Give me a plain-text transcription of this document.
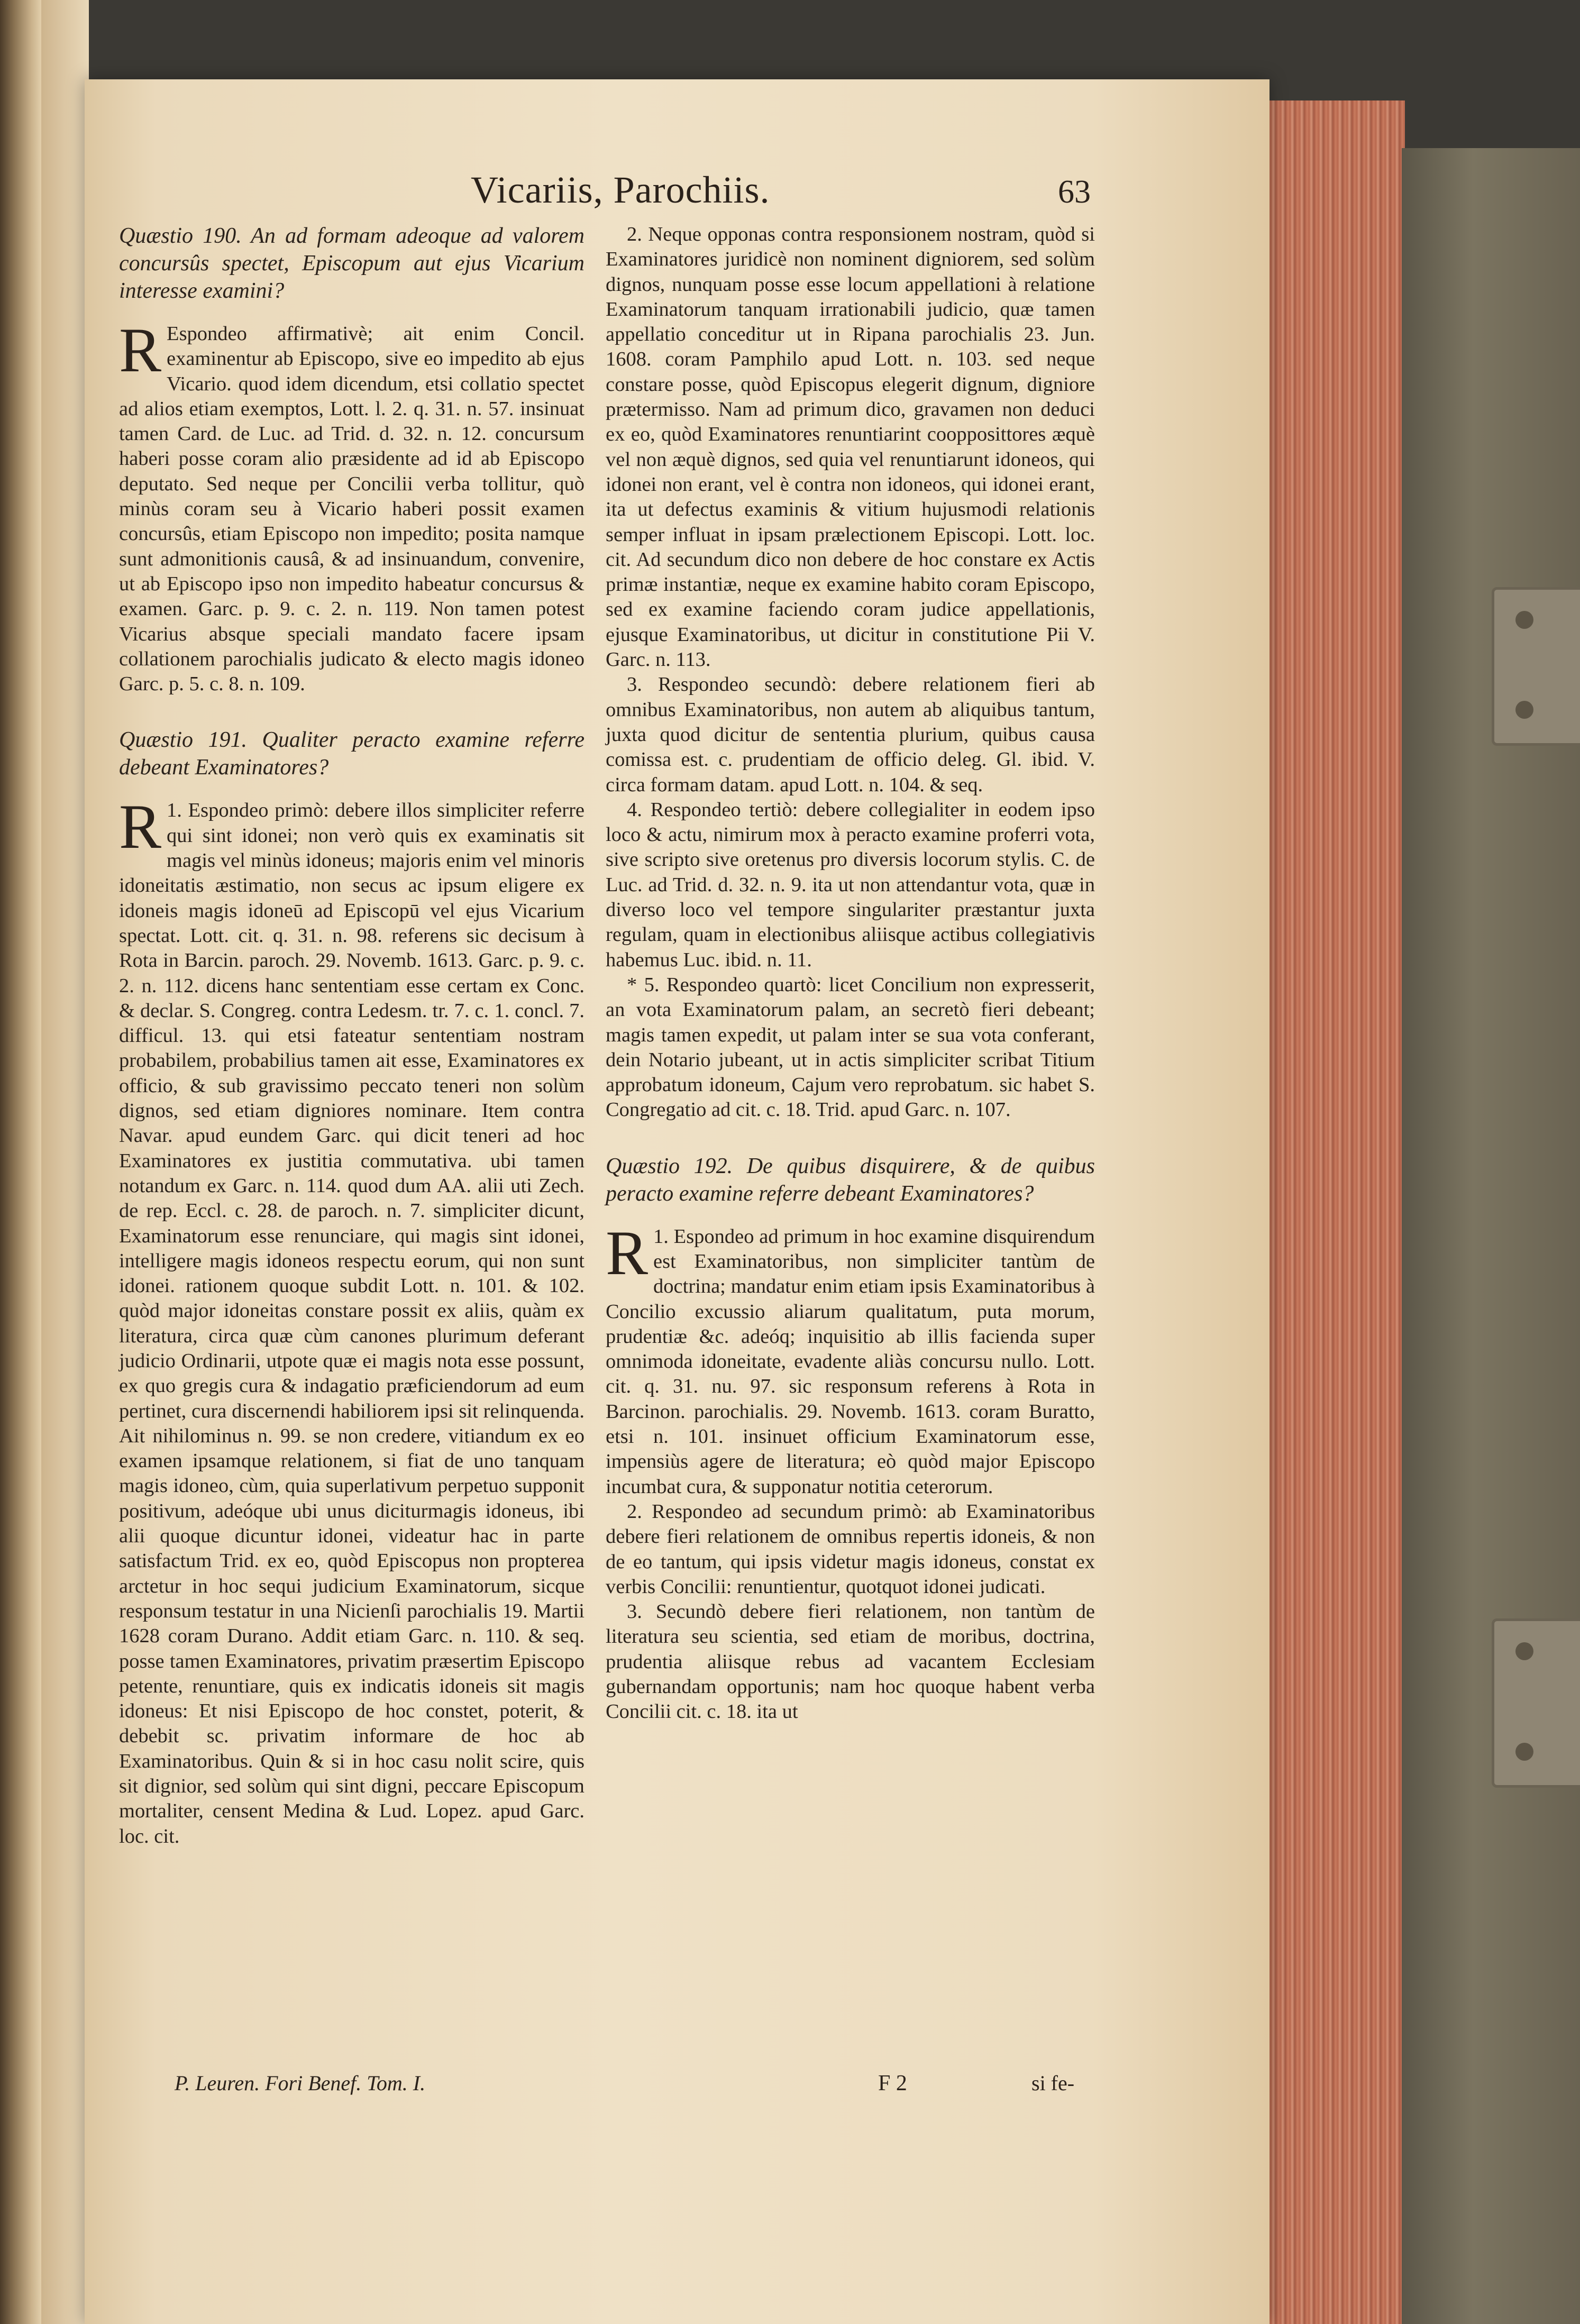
Vicariis, Parochiis.	63

Quæstio 190. An ad formam adeoque ad valorem concursûs spectet, Episcopum aut ejus Vicarium interesse examini?

R Espondeo affirmativè; ait enim Concil. examinentur ab Episcopo, sive eo impedito ab ejus Vicario. quod idem dicendum, etsi collatio spectet ad alios etiam exemptos, Lott. l. 2. q. 31. n. 57. insinuat tamen Card. de Luc. ad Trid. d. 32. n. 12. concursum haberi posse coram alio præsidente ad id ab Episcopo deputato. Sed neque per Concilii verba tollitur, quò minùs coram seu à Vicario haberi possit examen concursûs, etiam Episcopo non impedito; posita namque sunt admonitionis causâ, & ad insinuandum, convenire, ut ab Episcopo ipso non impedito habeatur concursus & examen. Garc. p. 9. c. 2. n. 119. Non tamen potest Vicarius absque speciali mandato facere ipsam collationem parochialis judicato & electo magis idoneo Garc. p. 5. c. 8. n. 109.

Quæstio 191. Qualiter peracto examine referre debeant Examinatores?

R 1. Espondeo primò: debere illos simpliciter referre qui sint idonei; non verò quis ex examinatis sit magis vel minùs idoneus; majoris enim vel minoris idoneitatis æstimatio, non secus ac ipsum eligere ex idoneis magis idoneū ad Episcopū vel ejus Vicarium spectat. Lott. cit. q. 31. n. 98. referens sic decisum à Rota in Barcin. paroch. 29. Novemb. 1613. Garc. p. 9. c. 2. n. 112. dicens hanc sententiam esse certam ex Conc. & declar. S. Congreg. contra Ledesm. tr. 7. c. 1. concl. 7. difficul. 13. qui etsi fateatur sententiam nostram probabilem, probabilius tamen ait esse, Examinatores ex officio, & sub gravissimo peccato teneri non solùm dignos, sed etiam digniores nominare. Item contra Navar. apud eundem Garc. qui dicit teneri ad hoc Examinatores ex justitia commutativa. ubi tamen notandum ex Garc. n. 114. quod dum AA. alii uti Zech. de rep. Eccl. c. 28. de paroch. n. 7. simpliciter dicunt, Examinatorum esse renunciare, qui magis sint idonei, intelligere magis idoneos respectu eorum, qui non sunt idonei. rationem quoque subdit Lott. n. 101. & 102. quòd major idoneitas constare possit ex aliis, quàm ex literatura, circa quæ cùm canones plurimum deferant judicio Ordinarii, utpote quæ ei magis nota esse possunt, ex quo gregis cura & indagatio præficiendorum ad eum pertinet, cura discernendi habiliorem ipsi sit relinquenda. Ait nihilominus n. 99. se non credere, vitiandum ex eo examen ipsamque relationem, si fiat de uno tanquam magis idoneo, cùm, quia superlativum perpetuo supponit positivum, adeóque ubi unus diciturmagis idoneus, ibi alii quoque dicuntur idonei, videatur hac in parte satisfactum Trid. ex eo, quòd Episcopus non propterea arctetur in hoc sequi judicium Examinatorum, sicque responsum testatur in una Nicienſi parochialis 19. Martii 1628 coram Durano. Addit etiam Garc. n. 110. & seq. posse tamen Examinatores, privatim præsertim Episcopo petente, renuntiare, quis ex indicatis idoneis sit magis idoneus: Et nisi Episcopo de hoc constet, poterit, & debebit sc. privatim informare de hoc ab Examinatoribus. Quin & si in hoc casu nolit scire, quis sit dignior, sed solùm qui sint digni, peccare Episcopum mortaliter, censent Medina & Lud. Lopez. apud Garc. loc. cit.

2. Neque opponas contra responsionem nostram, quòd si Examinatores juridicè non nominent digniorem, sed solùm dignos, nunquam posse esse locum appellationi à relatione Examinatorum tanquam irrationabili judicio, quæ tamen appellatio conceditur ut in Ripana parochialis 23. Jun. 1608. coram Pamphilo apud Lott. n. 103. sed neque constare posse, quòd Episcopus elegerit dignum, digniore prætermisso. Nam ad primum dico, gravamen non deduci ex eo, quòd Examinatores renuntiarint coopposittores æquè vel non æquè dignos, sed quia vel renuntiarunt idoneos, qui idonei non erant, vel è contra non idoneos, qui idonei erant, ita ut defectus examinis & vitium hujusmodi relationis semper influat in ipsam prælectionem Episcopi. Lott. loc. cit. Ad secundum dico non debere de hoc constare ex Actis primæ instantiæ, neque ex examine habito coram Episcopo, sed ex examine faciendo coram judice appellationis, ejusque Examinatoribus, ut dicitur in constitutione Pii V. Garc. n. 113.

3. Respondeo secundò: debere relationem fieri ab omnibus Examinatoribus, non autem ab aliquibus tantum, juxta quod dicitur de sententia plurium, quibus causa comissa est. c. prudentiam de officio deleg. Gl. ibid. V. circa formam datam. apud Lott. n. 104. & seq.

4. Respondeo tertiò: debere collegialiter in eodem ipso loco & actu, nimirum mox à peracto examine proferri vota, sive scripto sive oretenus pro diversis locorum stylis. C. de Luc. ad Trid. d. 32. n. 9. ita ut non attendantur vota, quæ in diverso loco vel tempore singulariter præstantur juxta regulam, quam in electionibus aliisque actibus collegiativis habemus Luc. ibid. n. 11.

* 5. Respondeo quartò: licet Concilium non expresserit, an vota Examinatorum palam, an secretò fieri debeant; magis tamen expedit, ut palam inter se sua vota conferant, dein Notario jubeant, ut in actis simpliciter scribat Titium approbatum idoneum, Cajum vero reprobatum. sic habet S. Congregatio ad cit. c. 18. Trid. apud Garc. n. 107.

Quæstio 192. De quibus disquirere, & de quibus peracto examine referre debeant Examinatores?

R 1. Espondeo ad primum in hoc examine disquirendum est Examinatoribus, non simpliciter tantùm de doctrina; mandatur enim etiam ipsis Examinatoribus à Concilio excussio aliarum qualitatum, puta morum, prudentiæ &c. adeóq; inquisitio ab illis facienda super omnimoda idoneitate, evadente aliàs concursu nullo. Lott. cit. q. 31. nu. 97. sic responsum referens à Rota in Barcinon. parochialis. 29. Novemb. 1613. coram Buratto, etsi n. 101. insinuet officium Examinatorum esse, impensiùs agere de literatura; eò quòd major Episcopo incumbat cura, & supponatur notitia ceterorum.

2. Respondeo ad secundum primò: ab Examinatoribus debere fieri relationem de omnibus repertis idoneis, & non de eo tantum, qui ipsis videtur magis idoneus, constat ex verbis Concilii: renuntientur, quotquot idonei judicati.

3. Secundò debere fieri relationem, non tantùm de literatura seu scientia, sed etiam de moribus, doctrina, prudentia aliisque rebus ad vacantem Ecclesiam gubernandam opportunis; nam hoc quoque habent verba Concilii cit. c. 18. ita ut

P. Leuren. Fori Benef. Tom. I.	F 2	si fe-
